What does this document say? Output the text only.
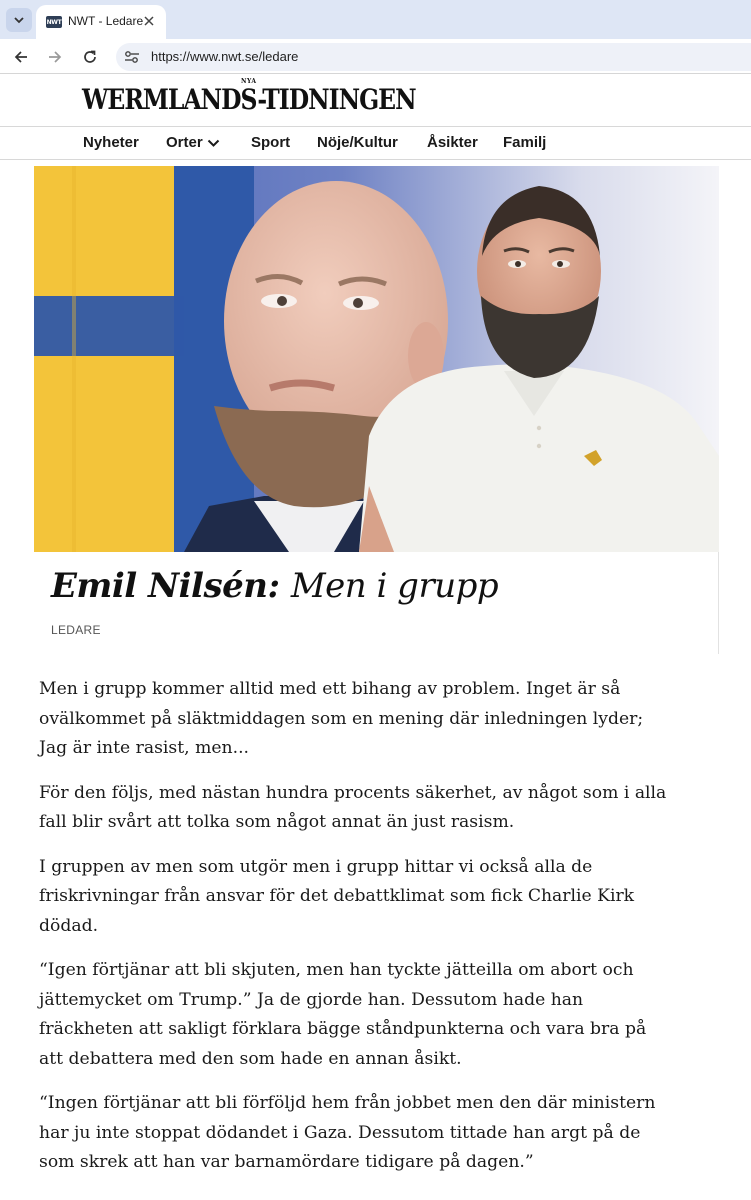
NWT NWT - Ledare
https://www.nwt.se/ledare
NYA
WERMLANDS-TIDNINGEN
Nyheter Orter	Sport Nöje/Kultur Åsikter Familj
Emil Nilsén: Men i grupp
LEDARE

Men i grupp kommer alltid med ett bihang av problem. Inget är så ovälkommet på släktmiddagen som en mening där inledningen lyder; Jag är inte rasist, men...

För den följs, med nästan hundra procents säkerhet, av något som i alla fall blir svårt att tolka som något annat än just rasism.

I gruppen av men som utgör men i grupp hittar vi också alla de friskrivningar från ansvar för det debattklimat som fick Charlie Kirk dödad.

“Igen förtjänar att bli skjuten, men han tyckte jätteilla om abort och jättemycket om Trump.” Ja de gjorde han. Dessutom hade han fräckheten att sakligt förklara bägge ståndpunkterna och vara bra på att debattera med den som hade en annan åsikt.

“Ingen förtjänar att bli förföljd hem från jobbet men den där ministern har ju inte stoppat dödandet i Gaza. Dessutom tittade han argt på de som skrek att han var barnamördare tidigare på dagen.”
